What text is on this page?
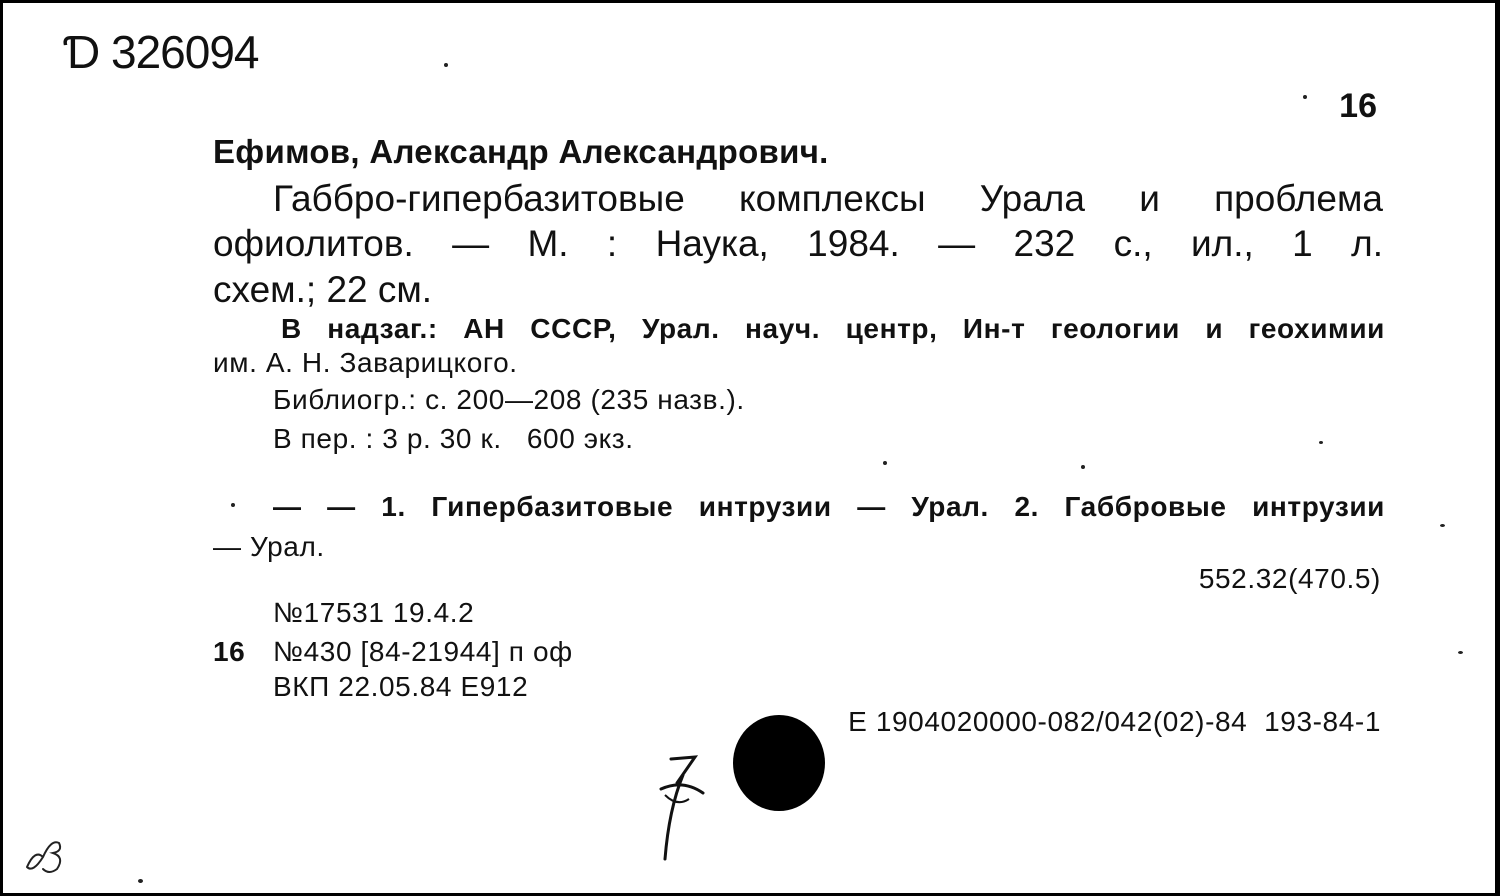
Ɗ 326094
16
Ефимов, Александр Александрович.
Габбро-гипербазитовые комплексы Урала и проблема
офиолитов. — М. : Наука, 1984. — 232 с., ил., 1 л.
схем.; 22 см.
В надзаг.: АН СССР, Урал. науч. центр, Ин-т геологии и геохимии
им. А. Н. Заварицкого.
Библиогр.: с. 200—208 (235 назв.).
В пер. : 3 р. 30 к.   600 экз.
— — 1. Гипербазитовые интрузии — Урал. 2. Габбровые интрузии
— Урал.
552.32(470.5)
№17531 19.4.2
16 №430 [84-21944] п оф
ВКП 22.05.84 Е912
Е 1904020000-082/042(02)-84  193-84-1
